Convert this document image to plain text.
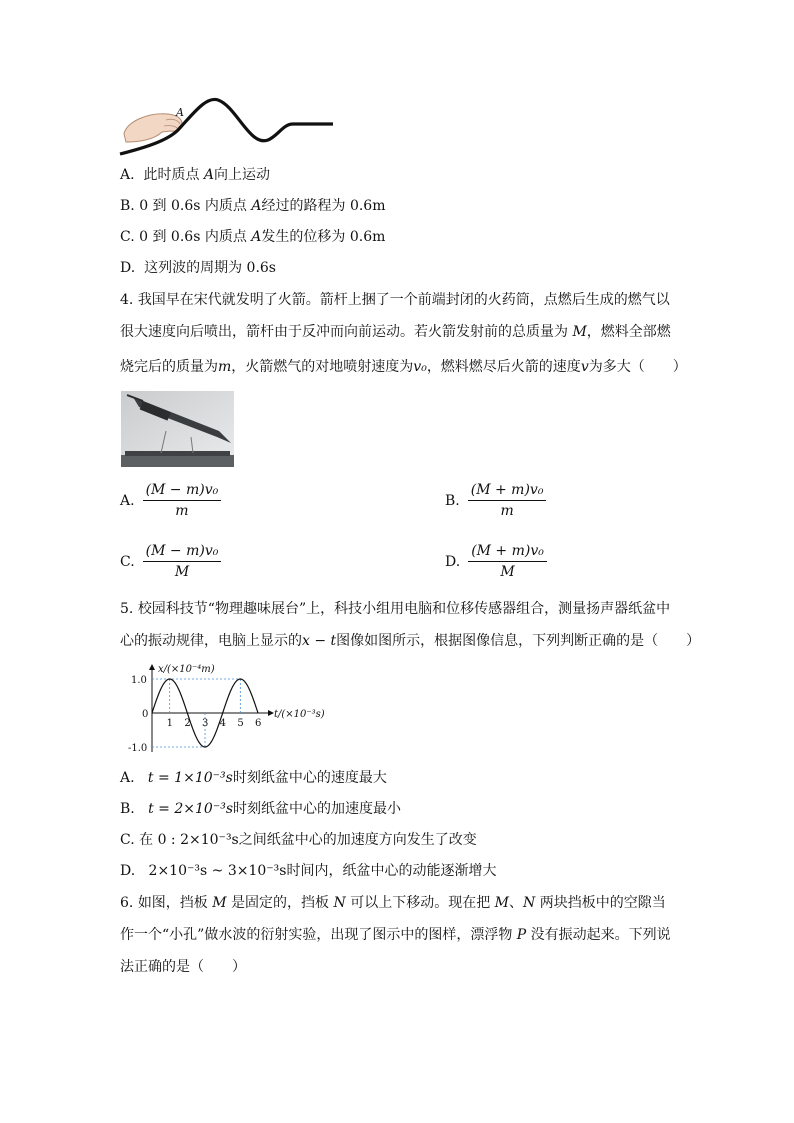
A
A. 此时质点 A向上运动
B. 0 到 0.6s 内质点 A经过的路程为 0.6m
C. 0 到 0.6s 内质点 A发生的位移为 0.6m
D. 这列波的周期为 0.6s
4. 我国早在宋代就发明了火箭。箭杆上捆了一个前端封闭的火药筒，点燃后生成的燃气以
很大速度向后喷出，箭杆由于反冲而向前运动。若火箭发射前的总质量为 M，燃料全部燃
烧完后的质量为m，火箭燃气的对地喷射速度为v₀，燃料燃尽后火箭的速度v为多大（　　）
A. $\frac{\text{(M − m)v₀}}{m}$	B. $\frac{\text{(M + m)v₀}}{m}$
C. $\frac{\text{(M − m)v₀}}{M}$	D. $\frac{\text{(M + m)v₀}}{M}$
5. 校园科技节“物理趣味展台”上，科技小组用电脑和位移传感器组合，测量扬声器纸盆中
心的振动规律，电脑上显示的x − t图像如图所示，根据图像信息，下列判断正确的是（　　）
1 2 3 4 5 6
1.0
0
-1.0
x/(×10⁻⁴m)
t/(×10⁻³s)
A. t = 1×10⁻³s时刻纸盆中心的速度最大
B. t = 2×10⁻³s时刻纸盆中心的加速度最小
C. 在 0 : 2×10⁻³s之间纸盆中心的加速度方向发生了改变
D. 2×10⁻³s ~ 3×10⁻³s时间内，纸盆中心的动能逐渐增大
6. 如图，挡板 M 是固定的，挡板 N 可以上下移动。现在把 M、N 两块挡板中的空隙当
作一个“小孔”做水波的衍射实验，出现了图示中的图样，漂浮物 P 没有振动起来。下列说
法正确的是（　　）
